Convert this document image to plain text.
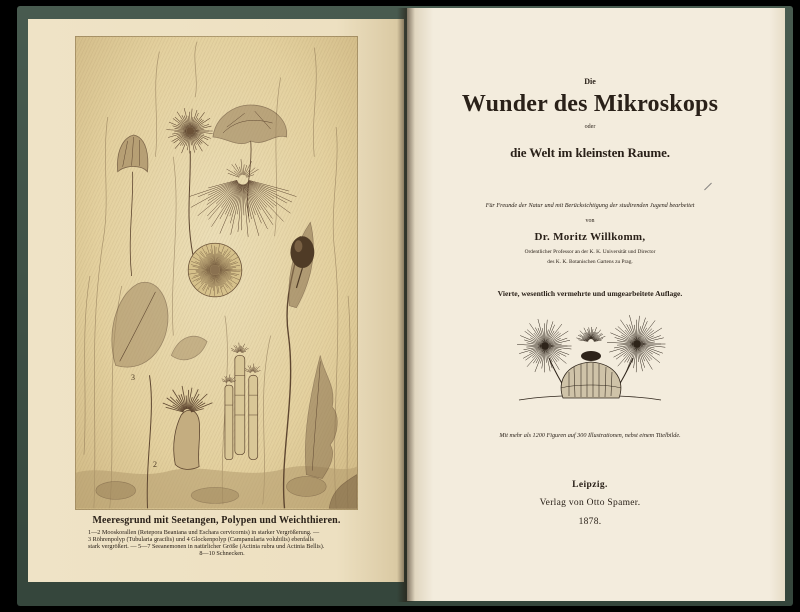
3
2
Meeresgrund mit Seetangen, Polypen und Weichthieren.
1—2 Mooskorallen (Retepora Beaniana und Eschara cervicornis) in starker Vergrößerung. —
3 Röhrenpolyp (Tubularia gracilis) und 4 Glockenpolyp (Campanularia volubilis) ebenfalls
stark vergrößert. — 5—7 Seeanemonen in natürlicher Größe (Actinia rubra und Actinia Bellis).
8—10 Schnecken.
Die
Wunder des Mikroskops
oder
die Welt im kleinsten Raume.
Für Freunde der Natur und mit Berücksichtigung der studirenden Jugend bearbeitet
von
Dr. Moritz Willkomm,
Ordentlicher Professor an der K. K. Universität und Director
des K. K. Botanischen Gartens zu Prag.
Vierte, wesentlich vermehrte und umgearbeitete Auflage.
Mit mehr als 1200 Figuren auf 300 Illustrationen, nebst einem Titelbilde.
Leipzig.
Verlag von Otto Spamer.
1878.
